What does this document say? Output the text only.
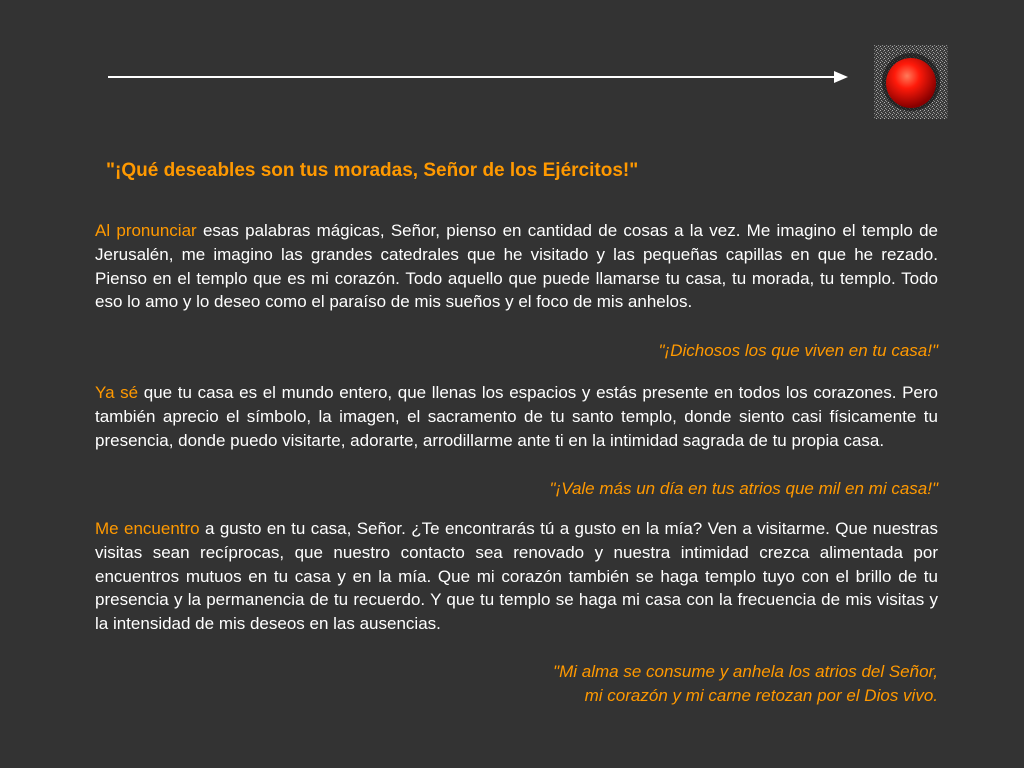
"¡Qué deseables son tus moradas, Señor de los Ejércitos!"

Al pronunciar esas palabras mágicas, Señor, pienso en cantidad de cosas a la vez. Me imagino el templo de Jerusalén, me imagino las grandes catedrales que he visitado y las pequeñas capillas en que he rezado. Pienso en el templo que es mi corazón. Todo aquello que puede llamarse tu casa, tu morada, tu templo. Todo eso lo amo y lo deseo como el paraíso de mis sueños y el foco de mis anhelos.

"¡Dichosos los que viven en tu casa!"

Ya sé que tu casa es el mundo entero, que llenas los espacios y estás presente en todos los corazones. Pero también aprecio el símbolo, la imagen, el sacramento de tu santo templo, donde siento casi físicamente tu presencia, donde puedo visitarte, adorarte, arrodillarme ante ti en la intimidad sagrada de tu propia casa.

"¡Vale más un día en tus atrios que mil en mi casa!"

Me encuentro a gusto en tu casa, Señor. ¿Te encontrarás tú a gusto en la mía? Ven a visitarme. Que nuestras visitas sean recíprocas, que nuestro contacto sea renovado y nuestra intimidad crezca alimentada por encuentros mutuos en tu casa y en la mía. Que mi corazón también se haga templo tuyo con el brillo de tu presencia y la permanencia de tu recuerdo. Y que tu templo se haga mi casa con la frecuencia de mis visitas y la intensidad de mis deseos en las ausencias.

"Mi alma se consume y anhela los atrios del Señor,
mi corazón y mi carne retozan por el Dios vivo.
